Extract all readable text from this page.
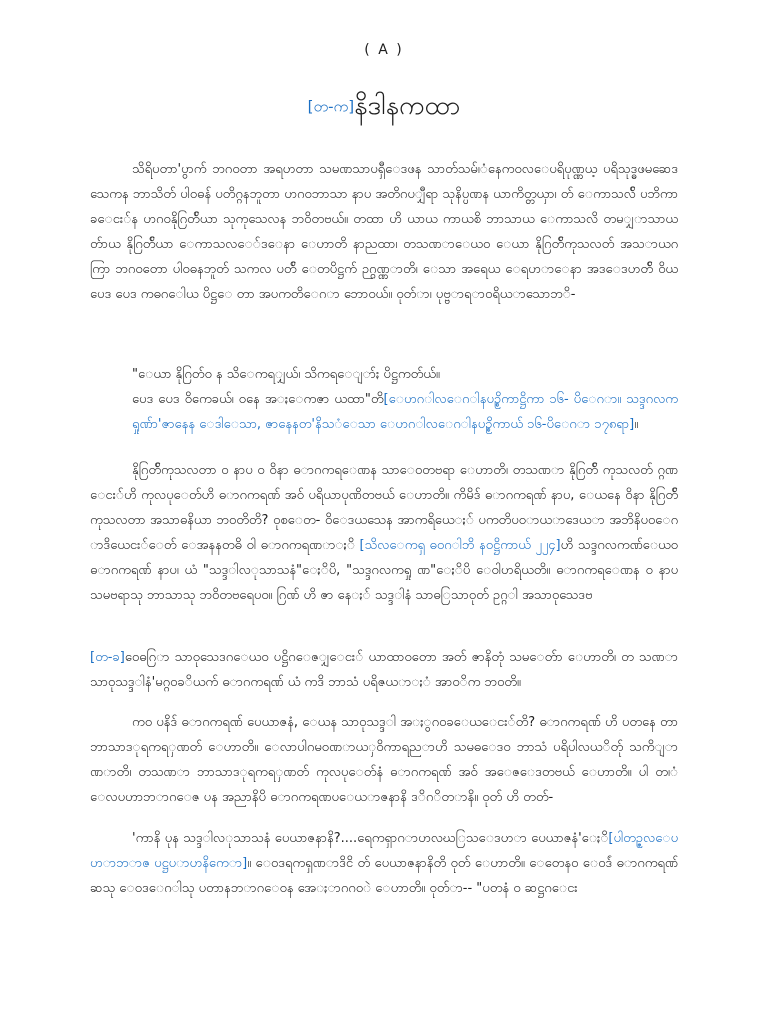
( A )
[တ-က]နိဒါနကထာ

သိရိပတာ'ပွာက် ဘဂဝတာ အရဟတာ သမဏသာပရှီ​ေဒ​ဖန သာတ်သမ်​၊​ံ​နေကဝလ​ေပရိပုဏ္ဏယ့ ပရိသုဒ္ဓဖမဆေဒသေကန ဘာသိတ် ပါဝဓန် ပတိ​ဂ္ဂနဘူတာ ဟဂဝဘာသာ နာပ အတိ​ဂပ​ျှီ​ရာ သုနိ​ပ္ပဏန ယာကိ​တ္တ​ယှာ၊ တ် ​ေကာသလ်ိ ပဘိ​ကာ​ခ​ေ​ငး်န ဟဂဝနို​ဂြ​တ်ိ​ယာ သုကု​သေလန ဘဝိ​တ​ဗ​ယ်။ တထာ ဟိ ယာယ ကာယစိ ဘာသာယ ​ေကာသလိ တမ​ျှ​ာသာယတ်ာယ နို​ဂြ​တ်ိ​ယာ ​ေကာသလ​ေ်ဒ​ေနာ ​ေဟာတိ နာညထာ၊ တသ​ဏ​ာ​ေယဝ ​ေယာ နို​ဂြ​တ်ိကုသလတ် အသ​ာယ​ဂ​ကြာ ဘဂဝတော ပါဝ​ဓ​နဘူတ် သကလ ပ​တ်ိ ​ေတပိ​ဋ္ဌ​က် ဉ​ဂ္ဂ​ဏ္ဏ​ာတိ၊ ​ေသာ အရေယ ​ေရ​ဟ​ာ​ေနာ အ​ဒ​ေ​ဒ​ဟ​တ်ိ ဝိယ ပေဒ ပေဒ ကဓ​ဂ​ေါယ ပိ​ဋ္ဌ​ေ တာ အပ​က​တိ​ေဂ​ာ ဘောဝ​ယ်။ ဝုတ်​ာ၊ ပုဗ္ဗ​ာရ​ာဝ​ရိ​ယ​ာ​သော​ဘ​ိ​-

"​ေယာ နို​ဂြ​တ်ဝ န သိ​ေကရ​ျှ​ယ်၊ သိ​က​ရ​ေ​ျ​ာ်ႏ ပိ​ဋ္ဌ​ကတ်ယ်။

ပေဒ ပေဒ ဝိကေ​ခ​ယ်၊ ဝနေ အ​ႏ​ေကဇာ ယထာ"တိ[​ေဟဂ​ါ​လ​ေ​ဂ​ါ​နပဉ္စိကာ​ဋ္ဌိ​ကာ ၁၆- ပိ​ေ​ဂ​ာ။ သဒ္ဒ​ဂလက​ရှု​ဏ်ာ'ဇာနေန ​ေဒါ​ေသာ, ဇာနေနတ'နိ​သ​ံ​ေသာ ​ေဟဂ​ါ​လ​ေ​ဂ​ါ​နပဉ္စိကာ​ယ် ၁၆-ပိ​ေ​ဂ​ာ ၁၇၈ရာ]။

နို​ဂြ​တ်ိကုသလတာ ဝ နာပ ဝ ဝိနာ ဓ​ာ​ဂ​ကရ​ေဏ​န သာ​ေဝ​တ​ဗ​ရာ ​ေဟာတိ၊ တသ​ဏ​ာ နို​ဂြ​တ်ိ ကုသလတ် ​ဂ္ဂ​ဏ​ေ​ငး်​ဟိ ကုလ​ပု​ေ​တ်ဟိ ဓ​ာ​ဂ​ကရ​ဏ် အဝ် ပရိယာပု​ဏိ​တ​ဗ​ယ် ​ေဟာတိ။ ကိမိ​ဒ် ဓ​ာ​ဂ​ကရ​ဏ် နာပ, ​ေယနေ ဝိနာ နို​ဂြ​တ်ိကုသလတာ အသာဓနိယာ ဘဝတိတိ? ဝုစ​ေတ- ဝိ​ေ​ဒ​ယ​သေန အာကရိ​ယေ​ႏ​် ပကတိပ​ဝ​ာ​ယ​ာ​ဒေ​ယ​ာ အ​ဘိ​နိ​ပ​ဝ​ေ​ဂ​ာ​ဒိ​ယေ​ငး်​ေ​တ် ​ေအနနတ​ဓိ ဝါ ဓ​ာ​ဂ​ကရ​ဏ​ာ​ႏ​ိ [သိ​လ​ေ​ကရှ​ ​ဓ​ဝ​ဂ​ါ​ဘိ နဝ​ဋ္ဌိ​ကာ​ယ် ၂၂၄]ဟိ သဒ္ဒ​ဂလက​ဏ်​ေယဝ ဓ​ာ​ဂ​ကရ​ဏ် နာပ၊ ယံ "သဒ္ဒ​ါ​လ​ုသာသနံ"​ေႏ​ိ​ပိ, "သဒ္ဒ​ဂလက​ရှု ဏ"​ေႏ​ိ​ပိ ​ေဝါ​ဟ​ရိ​ယ​တိ။ ဓ​ာ​ဂ​ကရ​ေဏ​န ဝ နာပ သမ​ဗ​ရာသု ဘာသာသု ဘဝိ​တ​ဗ​ရေ​ပ​ဝ။ ဂြ​ဏ် ဟိ ဇာ နေ​ႏ​် သဒ္ဒ​ါ​နံ သာ​ဓ​ြ​သာဝုတ် ဥ​ဂ္ဂ​ါ အသာဝု​သေ​ဒ​ဗ

[တ-ခ]ဝေ​ဓ​ဂြ​ာ သာဝု​သေ​ဒ​ဂ​ေ​ယဝ ပဋ္ဌိ​ဂ​ေဇ​ျှ​ေ​ငး် ယာထာဝတော အတ် ဇာနိတုံ သမ​ေတ်ာ ​ေဟာတိ၊ တ သဏ​ာ သာဝု​သ​ဒ္ဒ​ါ​နံ'မ​ဂ္ဂ​ဝ​ခ​ိ​ယ​က် ဓ​ာ​ဂ​ကရ​ဏ် ယံ ကဒိ ဘာသံ ပရိ​ဇ​ယ​ာ​ႏ​ံ အာ​ဝ​ိ​က ဘဝတိ။

ကဝ ပနိ​ဒ် ဓ​ာ​ဂ​ကရ​ဏ် ပေယာဇနံ, ​ေယန သာဝု​သဒ္ဒ​ါ အ​ႏ​ွ​ဂ​ဝ​ခ​ေ​ယ​ေ​ငး်တိ? ဓ​ာ​ဂ​ကရ​ဏ် ဟိ ပတနေ တာ ဘာသာ​ဒ​ုရက​ရ​ှ​ဏ​တ် ​ေဟာတိ။ ​ေလာ​ပါ​ဂ​မ​ဝ​ဏ​ာ​ယ​ှ​ဝိ​ကာရ​ည​ာ​ဟိ သမ​ဓ​ေဒ​ဝ ဘာသံ ပရိပါ​လ​ယ​ိ​တ်ု သကိ​ျ​ာ​ဏ​ာ​တိ၊ တသ​ဏ​ာ ဘာသာ​ဒ​ုရက​ရ​ှ​ဏ​တ် ကုလ​ပု​ေ​တ်နံ ဓ​ာ​ဂ​ကရ​ဏ် အဝ် အ​ေဇ​ေ​ဒ​တ​ဗ​ယ် ​ေဟာတိ။ ပါ တ​၊​ံ​ေလ​ပ​ဟာ​ဘ​ာ​ဂ​ေ​ဇ ပန အညာနိပိ ဓ​ာ​ဂ​ကရ​ဏ​ပ​ေယ​ာ​ဇ​နာ​နိ ဒ​ိ​ဂ​ိ​တ​ာ​နိ။ ဝုတ် ဟိ တတ်-

'ကာနိ ပုန သဒ္ဒ​ါ​လ​ုသာသနံ ပေယာဇနာနိ?....ရေကရှာ​ဂ​ာ​ဟ​လ​ဃ​ြ​သ​ေ​ဒ​ဟ​ာ ပေယာဇနံ'​ေႏ​ိ[ပါတ​ဉ္ဇ​လ​ေပ​ဟ​ာ​ဘ​ာ​ဇ ပဋ္ဌ​ပ​ာ​ဟ​နိ​ကေ​ာ]။ ​ေဝ​ဒ​ရ​က​ရှ​ဏ​ာ​ဒိ​ငိ တ် ပေယာဇနာ​နိ​တိ ဝုတ် ​ေဟာတိ။ ​ေတေနဝ ​ေဝ​ဒ်ံ ဓ​ာ​ဂ​ကရ​ဏ် ဆသု ​ေဝ​ဒ​ေ​ဂ​ါ​သု ပတာ​န​ဘ​ာ​ဂ​ေ​ဝ​န အေ​ႏ​ာ​ဂ​ဂ​ဝ​ဲ ​ေဟာတိ။ ဝုတ်​ာ-- "ပတနံ ဝ ဆဋ္ဌ​ဂ​ေ​ငး
